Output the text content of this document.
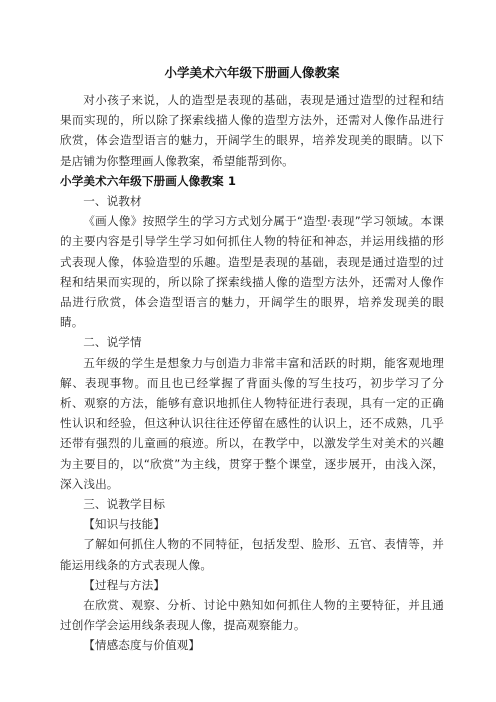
小学美术六年级下册画人像教案

对小孩子来说，人的造型是表现的基础，表现是通过造型的过程和结果而实现的，所以除了探索线描人像的造型方法外，还需对人像作品进行欣赏，体会造型语言的魅力，开阔学生的眼界，培养发现美的眼睛。以下是店铺为你整理画人像教案，希望能帮到你。

小学美术六年级下册画人像教案 1

一、说教材

《画人像》按照学生的学习方式划分属于“造型·表现”学习领域。本课的主要内容是引导学生学习如何抓住人物的特征和神态，并运用线描的形式表现人像，体验造型的乐趣。造型是表现的基础，表现是通过造型的过程和结果而实现的，所以除了探索线描人像的造型方法外，还需对人像作品进行欣赏，体会造型语言的魅力，开阔学生的眼界，培养发现美的眼睛。

二、说学情

五年级的学生是想象力与创造力非常丰富和活跃的时期，能客观地理解、表现事物。而且也已经掌握了背面头像的写生技巧，初步学习了分析、观察的方法，能够有意识地抓住人物特征进行表现，具有一定的正确性认识和经验，但这种认识往往还停留在感性的认识上，还不成熟，几乎还带有强烈的儿童画的痕迹。所以，在教学中，以激发学生对美术的兴趣为主要目的，以“欣赏”为主线，贯穿于整个课堂，逐步展开，由浅入深，深入浅出。

三、说教学目标

【知识与技能】

了解如何抓住人物的不同特征，包括发型、脸形、五官、表情等，并能运用线条的方式表现人像。

【过程与方法】

在欣赏、观察、分析、讨论中熟知如何抓住人物的主要特征，并且通过创作学会运用线条表现人像，提高观察能力。

【情感态度与价值观】
